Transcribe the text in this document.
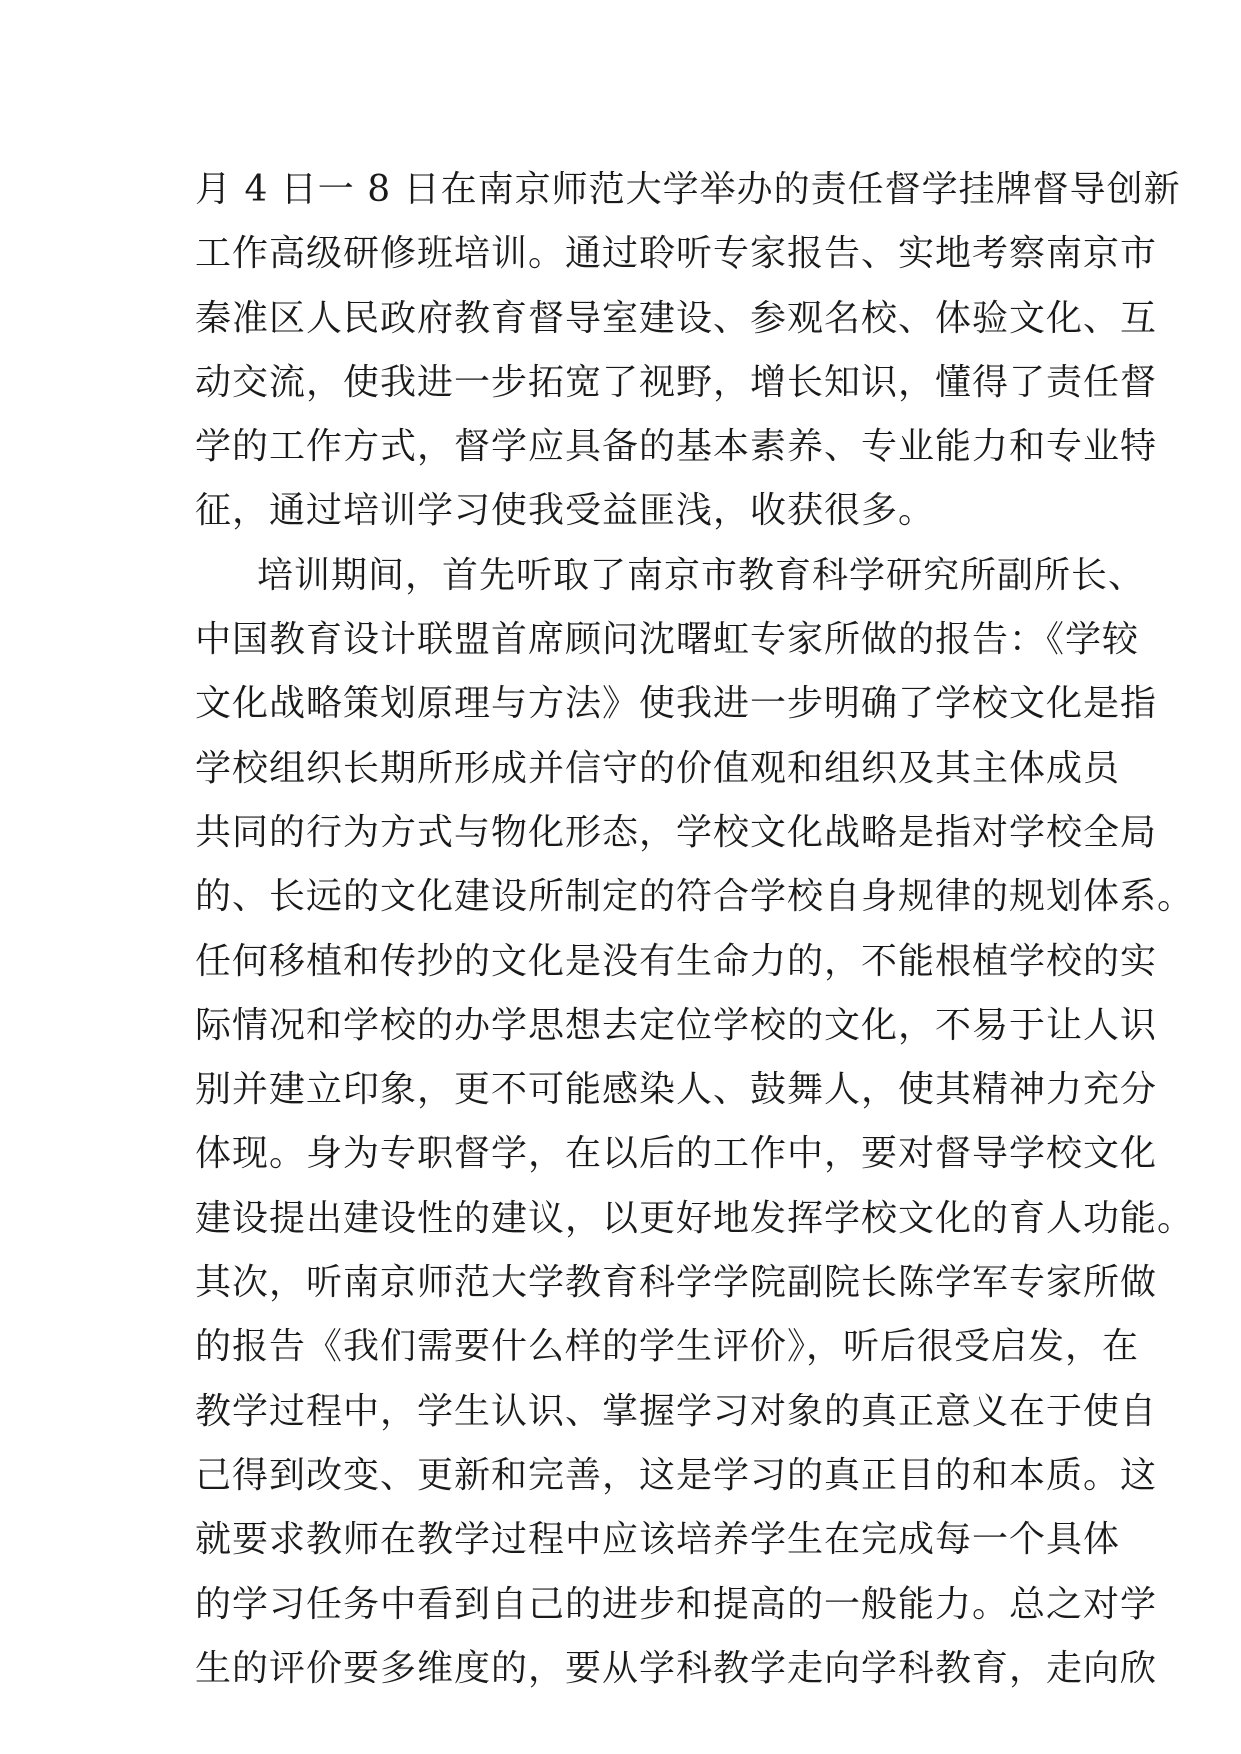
月 4 日一 8 日在南京师范大学举办的责任督学挂牌督导创新
工作高级研修班培训。通过聆听专家报告、实地考察南京市
秦准区人民政府教育督导室建设、参观名校、体验文化、互
动交流，使我进一步拓宽了视野，增长知识，懂得了责任督
学的工作方式，督学应具备的基本素养、专业能力和专业特
征，通过培训学习使我受益匪浅，收获很多。
培训期间，首先听取了南京市教育科学研究所副所长、
中国教育设计联盟首席顾问沈曙虹专家所做的报告：《学较
文化战略策划原理与方法》使我进一步明确了学校文化是指
学校组织长期所形成并信守的价值观和组织及其主体成员
共同的行为方式与物化形态，学校文化战略是指对学校全局
的、长远的文化建设所制定的符合学校自身规律的规划体系。
任何移植和传抄的文化是没有生命力的，不能根植学校的实
际情况和学校的办学思想去定位学校的文化，不易于让人识
别并建立印象，更不可能感染人、鼓舞人，使其精神力充分
体现。身为专职督学，在以后的工作中，要对督导学校文化
建设提出建设性的建议，以更好地发挥学校文化的育人功能。
其次，听南京师范大学教育科学学院副院长陈学军专家所做
的报告《我们需要什么样的学生评价》，听后很受启发，在
教学过程中，学生认识、掌握学习对象的真正意义在于使自
己得到改变、更新和完善，这是学习的真正目的和本质。这
就要求教师在教学过程中应该培养学生在完成每一个具体
的学习任务中看到自己的进步和提高的一般能力。总之对学
生的评价要多维度的，要从学科教学走向学科教育，走向欣
